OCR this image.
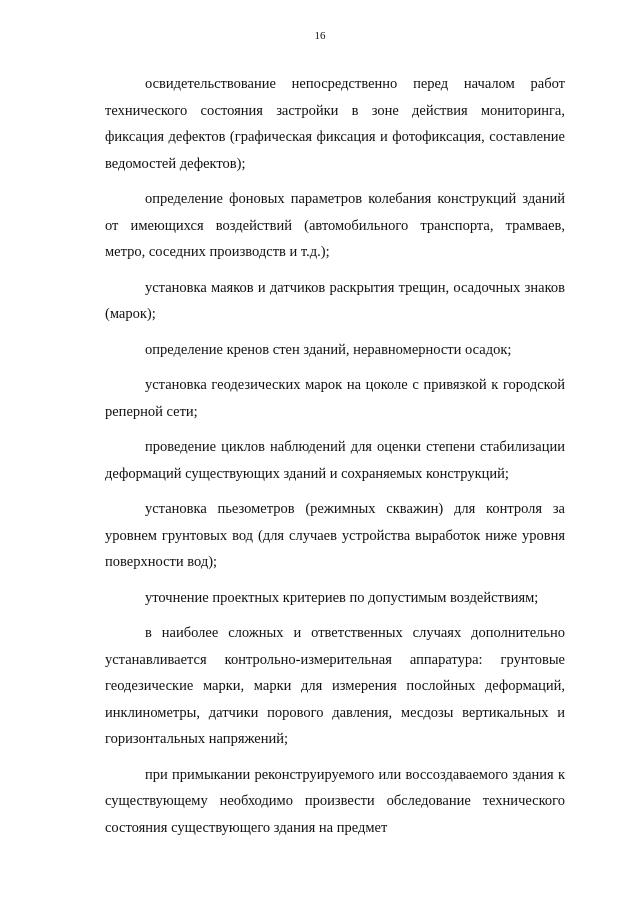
16

освидетельствование непосредственно перед началом работ технического состояния застройки в зоне действия мониторинга, фиксация дефектов (графическая фиксация и фотофиксация, составление ведомостей дефектов);

определение фоновых параметров колебания конструкций зданий от имеющихся воздействий (автомобильного транспорта, трамваев, метро, соседних производств и т.д.);

установка маяков и датчиков раскрытия трещин, осадочных знаков (марок);

определение кренов стен зданий, неравномерности осадок;

установка геодезических марок на цоколе с привязкой к городской реперной сети;

проведение циклов наблюдений для оценки степени стабилизации деформаций существующих зданий и сохраняемых конструкций;

установка пьезометров (режимных скважин) для контроля за уровнем грунтовых вод (для случаев устройства выработок ниже уровня поверхности вод);

уточнение проектных критериев по допустимым воздействиям;

в наиболее сложных и ответственных случаях дополнительно устанавливается контрольно-измерительная аппаратура: грунтовые геодезические марки, марки для измерения послойных деформаций, инклинометры, датчики порового давления, месдозы вертикальных и горизонтальных напряжений;

при примыкании реконструируемого или воссоздаваемого здания к существующему необходимо произвести обследование технического состояния существующего здания на предмет
